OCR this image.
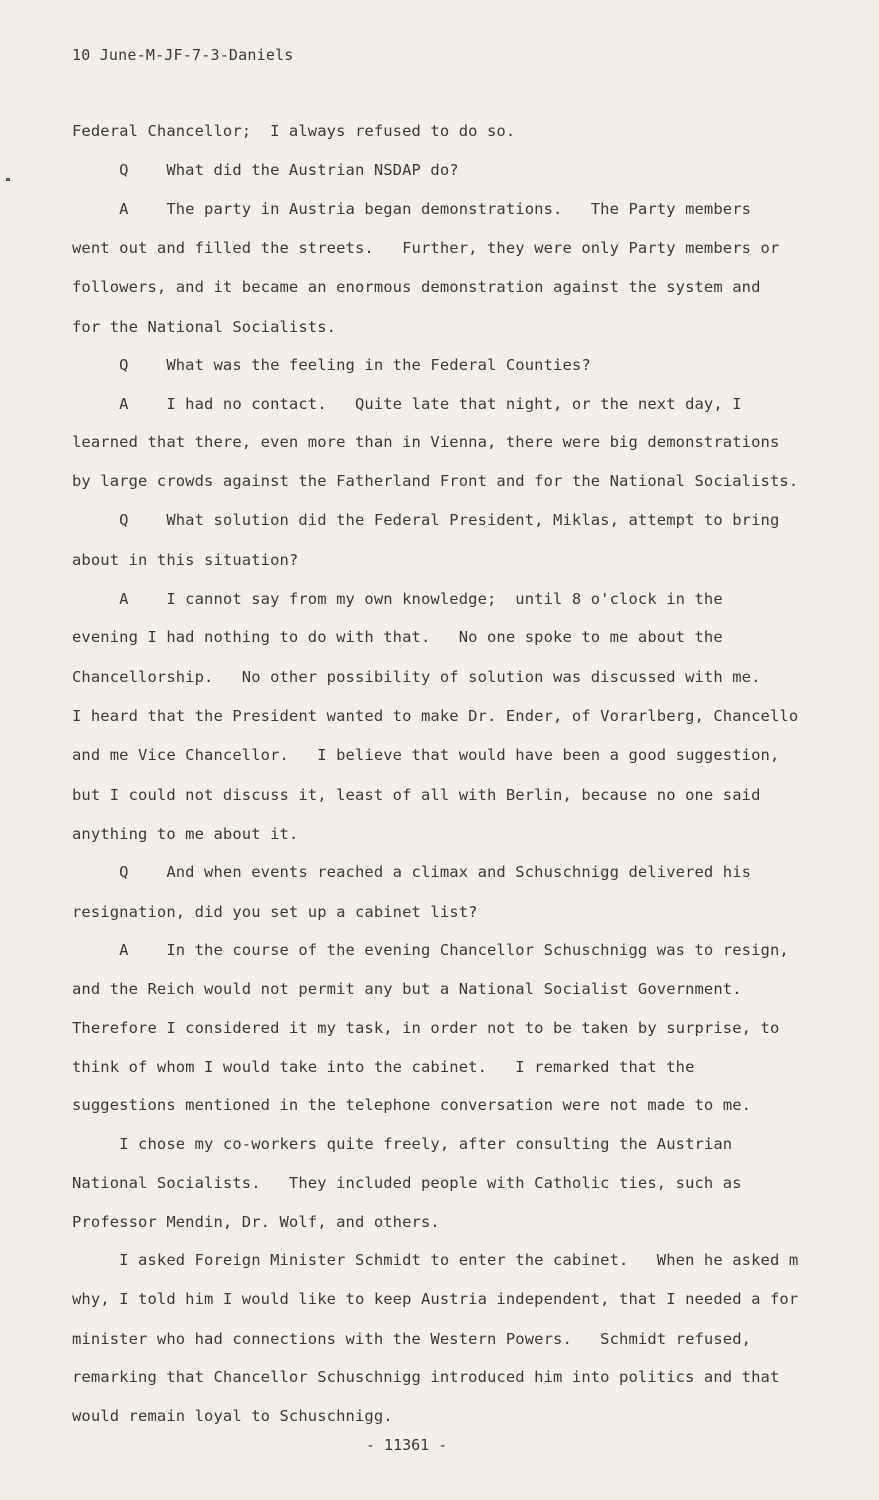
10 June-M-JF-7-3-Daniels
Federal Chancellor;  I always refused to do so.
Q    What did the Austrian NSDAP do?
A    The party in Austria began demonstrations.   The Party members
went out and filled the streets.   Further, they were only Party members or
followers, and it became an enormous demonstration against the system and
for the National Socialists.
Q    What was the feeling in the Federal Counties?
A    I had no contact.   Quite late that night, or the next day, I
learned that there, even more than in Vienna, there were big demonstrations
by large crowds against the Fatherland Front and for the National Socialists.
Q    What solution did the Federal President, Miklas, attempt to bring
about in this situation?
A    I cannot say from my own knowledge;  until 8 o'clock in the
evening I had nothing to do with that.   No one spoke to me about the
Chancellorship.   No other possibility of solution was discussed with me.
I heard that the President wanted to make Dr. Ender, of Vorarlberg, Chancello
and me Vice Chancellor.   I believe that would have been a good suggestion,
but I could not discuss it, least of all with Berlin, because no one said
anything to me about it.
Q    And when events reached a climax and Schuschnigg delivered his
resignation, did you set up a cabinet list?
A    In the course of the evening Chancellor Schuschnigg was to resign,
and the Reich would not permit any but a National Socialist Government.
Therefore I considered it my task, in order not to be taken by surprise, to
think of whom I would take into the cabinet.   I remarked that the
suggestions mentioned in the telephone conversation were not made to me.
I chose my co-workers quite freely, after consulting the Austrian
National Socialists.   They included people with Catholic ties, such as
Professor Mendin, Dr. Wolf, and others.
I asked Foreign Minister Schmidt to enter the cabinet.   When he asked m
why, I told him I would like to keep Austria independent, that I needed a for
minister who had connections with the Western Powers.   Schmidt refused,
remarking that Chancellor Schuschnigg introduced him into politics and that
would remain loyal to Schuschnigg.
- 11361 -
